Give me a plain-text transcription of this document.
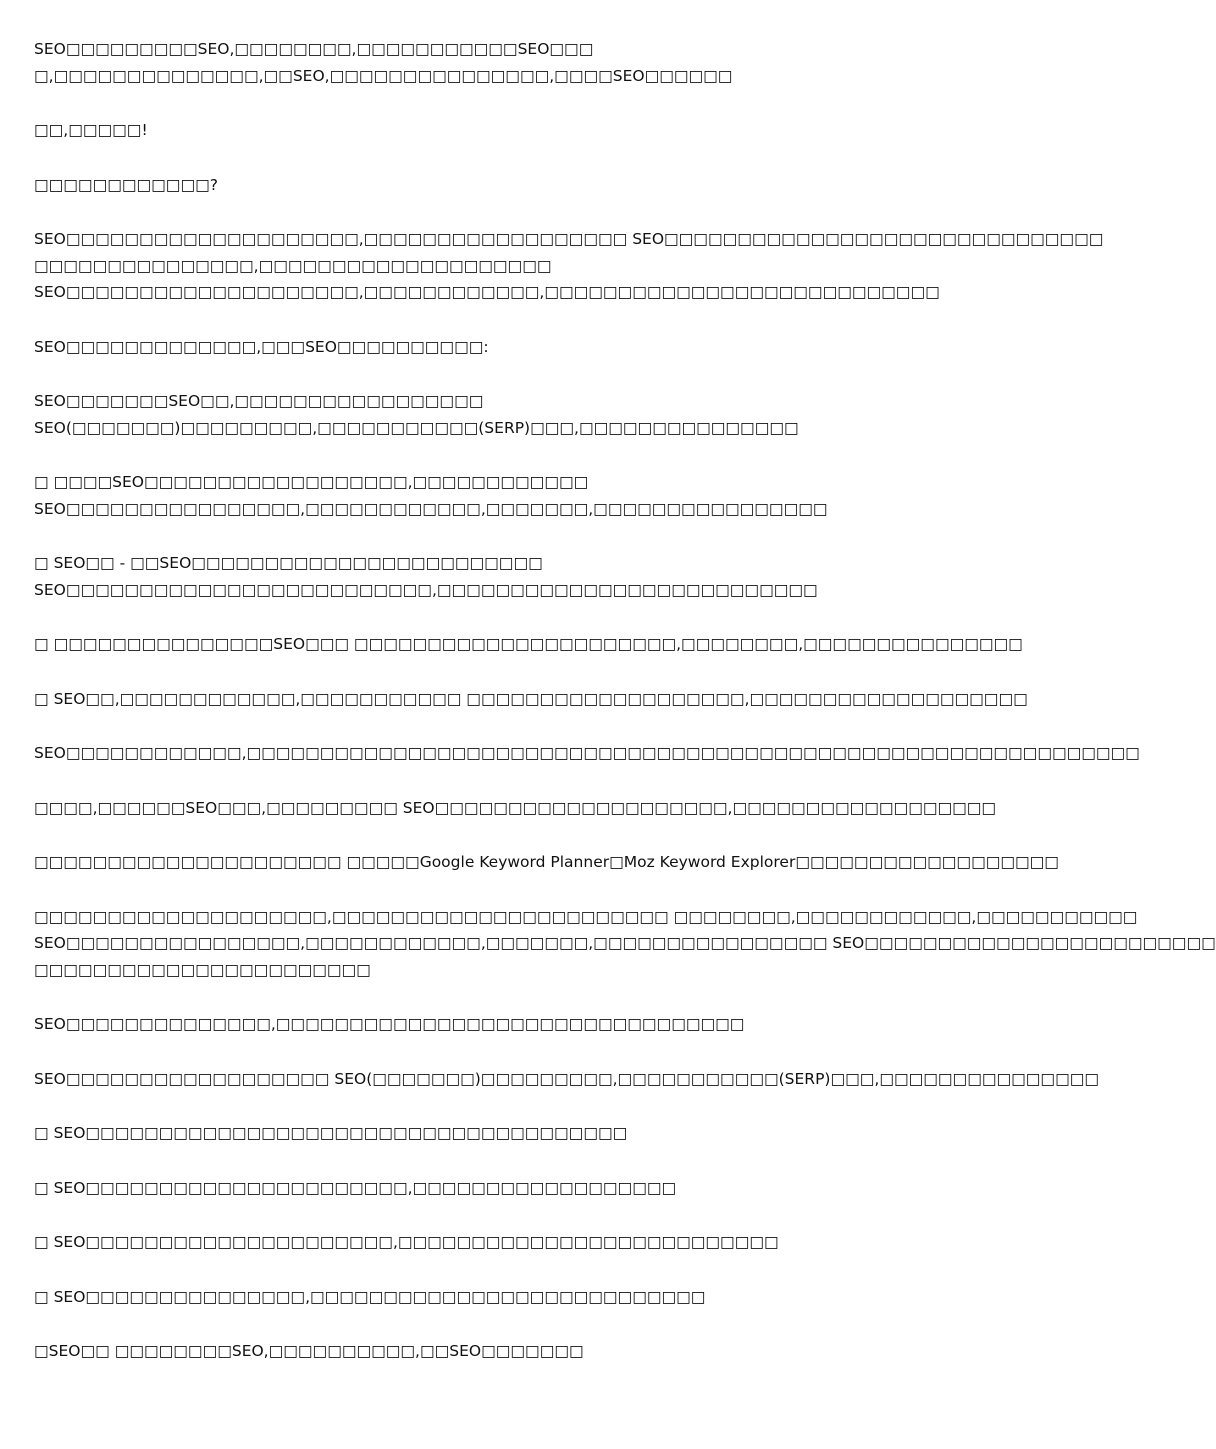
SEO□□□□□□□□□SEO,□□□□□□□□,□□□□□□□□□□□SEO□□□
□,□□□□□□□□□□□□□□,□□SEO,□□□□□□□□□□□□□□□,□□□□SEO□□□□□□

□□,□□□□□!

□□□□□□□□□□□□?

SEO□□□□□□□□□□□□□□□□□□□□,□□□□□□□□□□□□□□□□□□ SEO□□□□□□□□□□□□□□□□□□□□□□□□□□□□□□
□□□□□□□□□□□□□□□,□□□□□□□□□□□□□□□□□□□□
SEO□□□□□□□□□□□□□□□□□□□□,□□□□□□□□□□□□,□□□□□□□□□□□□□□□□□□□□□□□□□□□

SEO□□□□□□□□□□□□□,□□□SEO□□□□□□□□□□:

SEO□□□□□□□SEO□□,□□□□□□□□□□□□□□□□□
SEO(□□□□□□□)□□□□□□□□□,□□□□□□□□□□□(SERP)□□□,□□□□□□□□□□□□□□□

□ □□□□SEO□□□□□□□□□□□□□□□□□□,□□□□□□□□□□□□
SEO□□□□□□□□□□□□□□□□,□□□□□□□□□□□□,□□□□□□□,□□□□□□□□□□□□□□□□

□ SEO□□ - □□SEO□□□□□□□□□□□□□□□□□□□□□□□□
SEO□□□□□□□□□□□□□□□□□□□□□□□□□,□□□□□□□□□□□□□□□□□□□□□□□□□□

□ □□□□□□□□□□□□□□□SEO□□□ □□□□□□□□□□□□□□□□□□□□□□,□□□□□□□□,□□□□□□□□□□□□□□□

□ SEO□□,□□□□□□□□□□□□,□□□□□□□□□□□ □□□□□□□□□□□□□□□□□□□,□□□□□□□□□□□□□□□□□□□

SEO□□□□□□□□□□□□,□□□□□□□□□□□□□□□□□□□□□□□□□□□□□□□□□□□□□□□□□□□□□□□□□□□□□□□□□□□□□

□□□□,□□□□□□SEO□□□,□□□□□□□□□ SEO□□□□□□□□□□□□□□□□□□□□,□□□□□□□□□□□□□□□□□□

□□□□□□□□□□□□□□□□□□□□□ □□□□□Google Keyword Planner□Moz Keyword Explorer□□□□□□□□□□□□□□□□□□

□□□□□□□□□□□□□□□□□□□□,□□□□□□□□□□□□□□□□□□□□□□□ □□□□□□□□,□□□□□□□□□□□□,□□□□□□□□□□□
SEO□□□□□□□□□□□□□□□□,□□□□□□□□□□□□,□□□□□□□,□□□□□□□□□□□□□□□□ SEO□□□□□□□□□□□□□□□□□□□□□□□□
□□□□□□□□□□□□□□□□□□□□□□□

SEO□□□□□□□□□□□□□□,□□□□□□□□□□□□□□□□□□□□□□□□□□□□□□□□

SEO□□□□□□□□□□□□□□□□□□ SEO(□□□□□□□)□□□□□□□□□,□□□□□□□□□□□(SERP)□□□,□□□□□□□□□□□□□□□

□ SEO□□□□□□□□□□□□□□□□□□□□□□□□□□□□□□□□□□□□□

□ SEO□□□□□□□□□□□□□□□□□□□□□□,□□□□□□□□□□□□□□□□□□

□ SEO□□□□□□□□□□□□□□□□□□□□□,□□□□□□□□□□□□□□□□□□□□□□□□□□

□ SEO□□□□□□□□□□□□□□□,□□□□□□□□□□□□□□□□□□□□□□□□□□□

□SEO□□ □□□□□□□□SEO,□□□□□□□□□□,□□SEO□□□□□□□
